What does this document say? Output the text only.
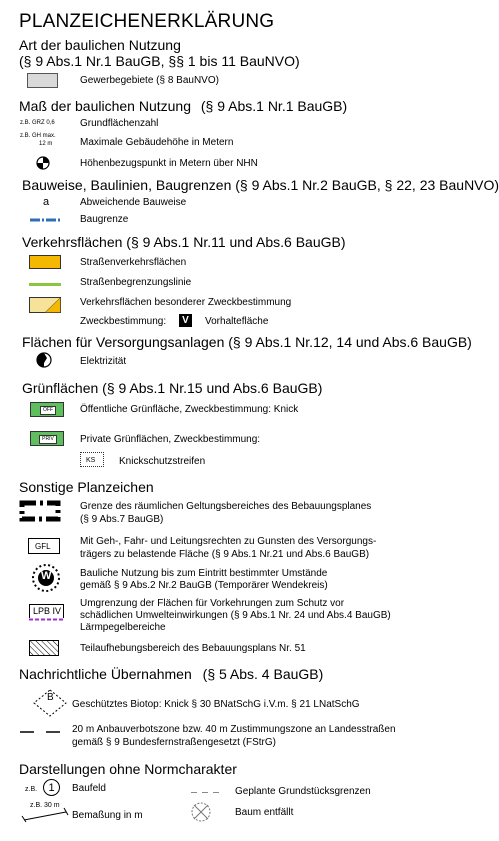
PLANZEICHENERKLÄRUNG
Art der baulichen Nutzung
(§ 9 Abs.1 Nr.1 BauGB, §§ 1 bis 11 BauNVO)
Gewerbegebiete (§ 8 BauNVO)
Maß der baulichen Nutzung (§ 9 Abs.1 Nr.1 BauGB)
z.B. GRZ 0,6	Grundflächenzahl
z.B. GH max.
12 m	Maximale Gebäudehöhe in Metern
Höhenbezugspunkt in Metern über NHN
Bauweise, Baulinien, Baugrenzen (§ 9 Abs.1 Nr.2 BauGB, § 22, 23 BauNVO)
a	Abweichende Bauweise
Baugrenze
Verkehrsflächen (§ 9 Abs.1 Nr.11 und Abs.6 BauGB)
Straßenverkehrsflächen
Straßenbegrenzungslinie
Verkehrsflächen besonderer Zweckbestimmung
Zweckbestimmung:	V	Vorhaltefläche
Flächen für Versorgungsanlagen (§ 9 Abs.1 Nr.12, 14 und Abs.6 BauGB)
Elektrizität
Grünflächen (§ 9 Abs.1 Nr.15 und Abs.6 BauGB)
ÖFF	Öffentliche Grünfläche, Zweckbestimmung: Knick
PRIV	Private Grünflächen, Zweckbestimmung:
KS Knickschutzstreifen
Sonstige Planzeichen
Grenze des räumlichen Geltungsbereiches des Bebauungsplanes
(§ 9 Abs.7 BauGB)
GFL	Mit Geh-, Fahr- und Leitungsrechten zu Gunsten des Versorgungs-
trägers zu belastende Fläche (§ 9 Abs.1 Nr.21 und Abs.6 BauGB)
W	Bauliche Nutzung bis zum Eintritt bestimmter Umstände
gemäß § 9 Abs.2 Nr.2 BauGB (Temporärer Wendekreis)
LPB IV
Umgrenzung der Flächen für Vorkehrungen zum Schutz vor
schädlichen Umwelteinwirkungen (§ 9 Abs.1 Nr. 24 und Abs.4 BauGB)
Lärmpegelbereiche
Teilaufhebungsbereich des Bebauungsplans Nr. 51
Nachrichtliche Übernahmen (§ 5 Abs. 4 BauGB)
B
Geschütztes Biotop: Knick § 30 BNatSchG i.V.m. § 21 LNatSchG
20 m Anbauverbotszone bzw. 40 m Zustimmungszone an Landesstraßen
gemäß § 9 Bundesfernstraßengesetzt (FStrG)
Darstellungen ohne Normcharakter
z.B.	1	Baufeld	Geplante Grundstücksgrenzen
z.B. 30 m
Bemaßung in m	Baum entfällt
